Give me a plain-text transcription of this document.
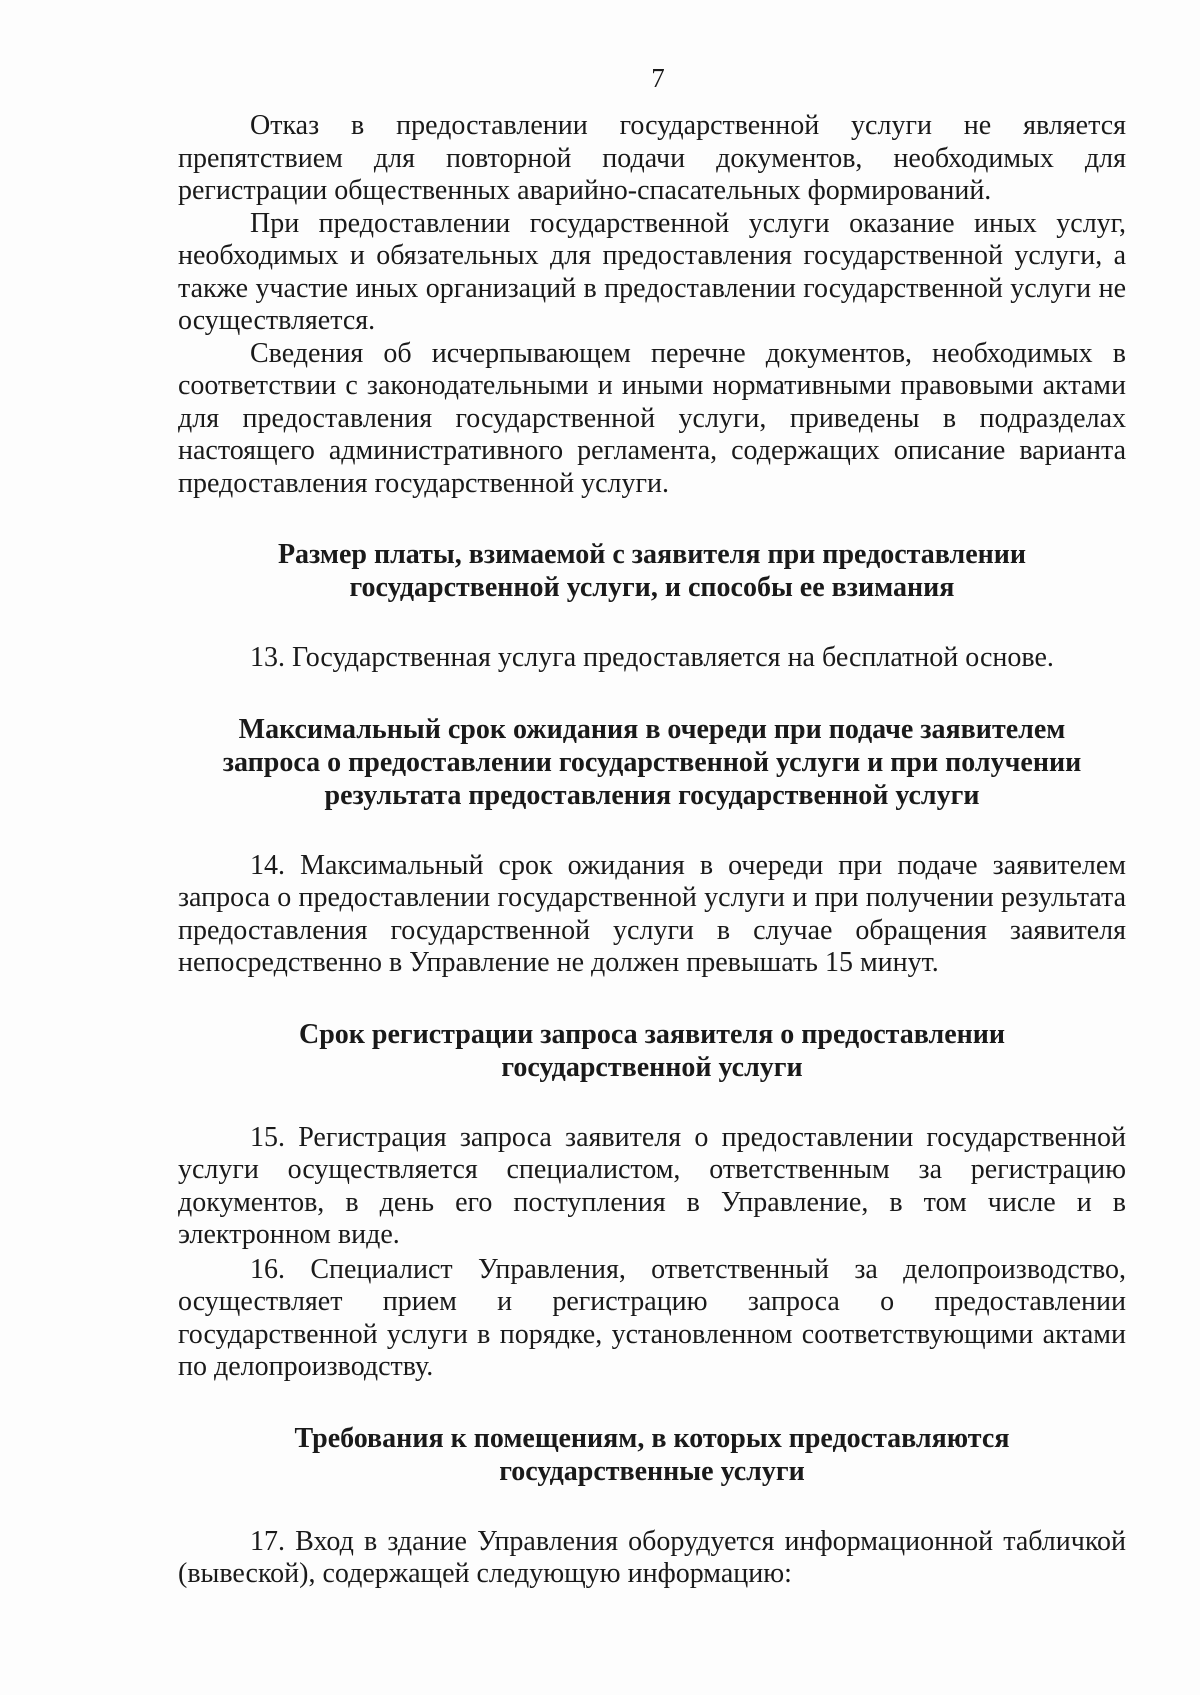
7

Отказ в предоставлении государственной услуги не является препятствием для повторной подачи документов, необходимых для регистрации общественных аварийно-спасательных формирований.

При предоставлении государственной услуги оказание иных услуг, необходимых и обязательных для предоставления государственной услуги, а также участие иных организаций в предоставлении государственной услуги не осуществляется.

Сведения об исчерпывающем перечне документов, необходимых в соответствии с законодательными и иными нормативными правовыми актами для предоставления государственной услуги, приведены в подразделах настоящего административного регламента, содержащих описание варианта предоставления государственной услуги.

Размер платы, взимаемой с заявителя при предоставлении государственной услуги, и способы ее взимания

13. Государственная услуга предоставляется на бесплатной основе.

Максимальный срок ожидания в очереди при подаче заявителем запроса о предоставлении государственной услуги и при получении результата предоставления государственной услуги

14. Максимальный срок ожидания в очереди при подаче заявителем запроса о предоставлении государственной услуги и при получении результата предоставления государственной услуги в случае обращения заявителя непосредственно в Управление не должен превышать 15 минут.

Срок регистрации запроса заявителя о предоставлении государственной услуги

15. Регистрация запроса заявителя о предоставлении государственной услуги осуществляется специалистом, ответственным за регистрацию документов, в день его поступления в Управление, в том числе и в электронном виде.

16. Специалист Управления, ответственный за делопроизводство, осуществляет прием и регистрацию запроса о предоставлении государственной услуги в порядке, установленном соответствующими актами по делопроизводству.

Требования к помещениям, в которых предоставляются государственные услуги

17. Вход в здание Управления оборудуется информационной табличкой (вывеской), содержащей следующую информацию:
